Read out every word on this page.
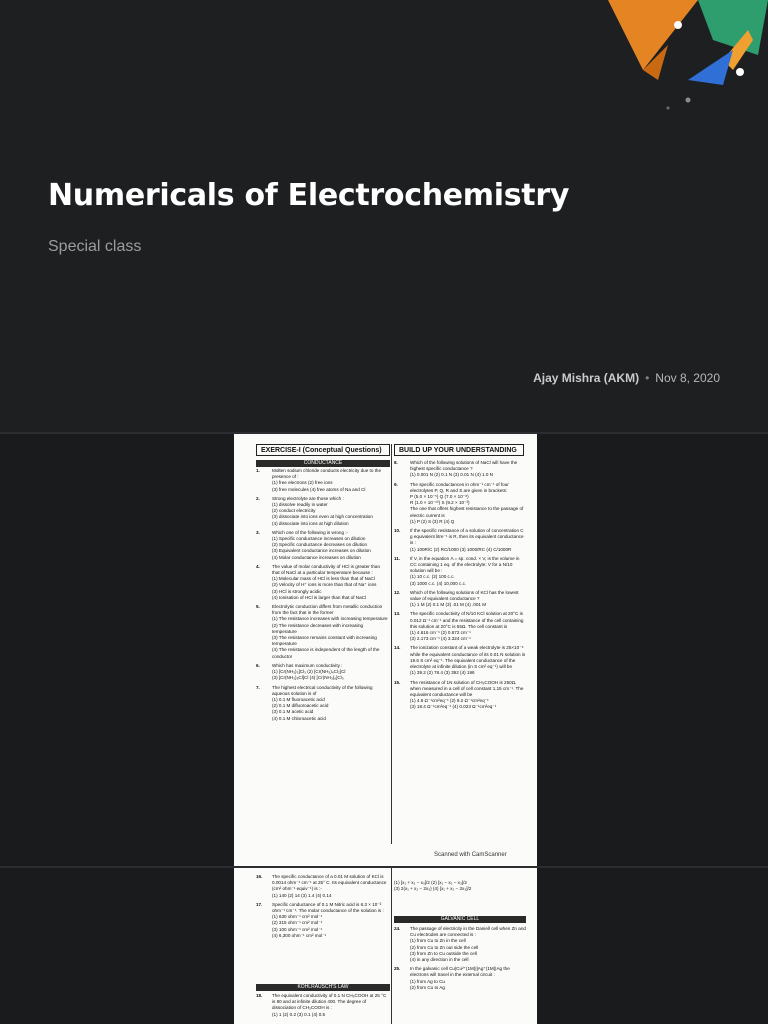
Numericals of Electrochemistry
Special class
Ajay Mishra (AKM) • Nov 8, 2020
EXERCISE-I (Conceptual Questions)	BUILD UP YOUR UNDERSTANDING
CONDUCTANCE
1.	Molten sodium chloride conducts electricity due to the presence of :
(1) free electrons (2) free ions
(3) free molecules (4) free atoms of Na and Cl
2.	Strong electrolyte are those which :
(1) dissolve readily in water
(2) conduct electricity
(3) dissociate into ions even at high concentration
(4) dissociate into ions at high dilution
3.	Which one of the following is wrong :-
(1) Specific conductance increases on dilution
(2) Specific conductance decreases on dilution
(3) Equivalent conductance increases on dilution
(4) Molar conductance increases on dilution
4.	The value of molar conductivity of HCl is greater than that of NaCl at a particular temperature because :
(1) Molecular mass of HCl is less than that of NaCl
(2) Velocity of H⁺ ions is more than that of Na⁺ ions
(3) HCl is strongly acidic
(4) Ionisation of HCl is larger than that of NaCl
5.	Electrolytic conduction differs from metallic conduction from the fact that in the former
(1) The resistance increases with increasing temperature
(2) The resistance decreases with increasing temperature
(3) The resistance remains constant with increasing temperature
(4) The resistance is independent of the length of the conductor
6.	Which has maximum conductivity :
(1) [Cr(NH₃)₃]Cl₃ (2) [Cr(NH₃)₄Cl₂]Cl
(3) [Cr(NH₃)₅Cl]Cl (4) [Cr(NH₃)₆]Cl₃
7.	The highest electrical conductivity of the following aqueous solution is of
(1) 0.1 M fluoroacetic acid
(2) 0.1 M difluoroacetic acid
(3) 0.1 M acetic acid
(4) 0.1 M chloroacetic acid
8.	Which of the following solutions of NaCl will have the highest specific conductance ?
(1) 0.001 N (2) 0.1 N (3) 0.01 N (4) 1.0 N
9.	The specific conductances in ohm⁻¹ cm⁻¹ of four electrolytes P, Q, R and S are given in brackets:
P (5.0 × 10⁻⁵) Q (7.0 × 10⁻⁸)
R (1.0 × 10⁻¹⁰) S (9.2 × 10⁻³)
The one that offers highest resistance to the passage of electric current is
(1) P (2) S (3) R (4) Q
10. If the specific resistance of a solution of concentration C g equivalent litre⁻¹ is R, then its equivalent conductance is :
(1) 100R/C (2) RC/1000 (3) 1000/RC (4) C/1000R
11. If V, in the equation Λ = sp. cond. × V, is the volume in CC containing 1 eq. of the electrolyte; V for a N/10 solution will be :
(1) 10 c.c. (2) 100 c.c.
(3) 1000 c.c. (4) 10,000 c.c.
12. Which of the following solutions of KCl has the lowest value of equivalent conductance ?
(1) 1 M (2) 0.1 M (3) .01 M (4) .001 M
13. The specific conductivity of N/10 KCl solution at 20°C is 0.012 Ω⁻¹ cm⁻¹ and the resistance of the cell containing this solution at 20°C is 55Ω. The cell constant is
(1) 4.616 cm⁻¹ (2) 0.672 cm⁻¹
(3) 2.173 cm⁻¹ (4) 3.324 cm⁻¹
14. The ionization constant of a weak electrolyte is 25×10⁻⁶ while the equivalent conductance of its 0.01 N solution is 19.6 S cm² eq⁻¹. The equivalent conductance of the electrolyte at infinite dilution (in S cm² eq⁻¹) will be
(1) 39.2 (2) 78.4 (3) 392 (4) 196
15. The resistance of 1N solution of CH₃COOH is 250Ω, when measured in a cell of cell constant 1.15 cm⁻¹. The equivalent conductance will be
(1) 4.6 Ω⁻¹cm²eq⁻¹ (2) 9.2 Ω⁻¹cm²eq⁻¹
(3) 18.4 Ω⁻¹cm²eq⁻¹ (4) 0.023 Ω⁻¹cm²eq⁻¹
Scanned with CamScanner
16. The specific conductance of a 0.01 M solution of KCl is 0.0014 ohm⁻¹ cm⁻¹ at 25° C. Its equivalent conductance (cm² ohm⁻¹ equiv⁻¹) is :-
(1) 140 (2) 14 (3) 1.4 (4) 0.14
17. Specific conductance of 0.1 M Nitric acid is 6.3 × 10⁻² ohm⁻¹ cm⁻¹. The molar conductance of the solution is :
(1) 630 ohm⁻¹ cm² mol⁻¹
(2) 315 ohm⁻¹ cm² mol⁻¹
(3) 100 ohm⁻¹ cm² mol⁻¹
(4) 6,300 ohm⁻¹ cm² mol⁻¹
KOHLRAUSCH'S LAW
18. The equivalent conductivity of 0.1 N CH₃COOH at 25 °C is 80 and at infinite dilution 400. The degree of dissociation of CH₃COOH is :
(1) 1 (2) 0.2 (3) 0.1 (4) 0.5
(1) [x₁ + x₂ − x₃]/2 (2) [x₁ − x₂ − x₃]/2
(3) 2(x₁ + x₂ − 2x₃) (4) [x₁ + x₂ − 2x₃]/2
GALVANIC CELL
24. The passage of electricity in the Daniell cell when Zn and Cu electrodes are connected is :
(1) from Cu to Zn in the cell
(2) from Cu to Zn out side the cell
(3) from Zn to Cu outside the cell
(4) in any direction in the cell
25. In the galvanic cell Cu|Cu²⁺(1M)||Ag⁺(1M)|Ag the electrons will travel in the external circuit :
(1) from Ag to Cu
(2) from Cu to Ag
